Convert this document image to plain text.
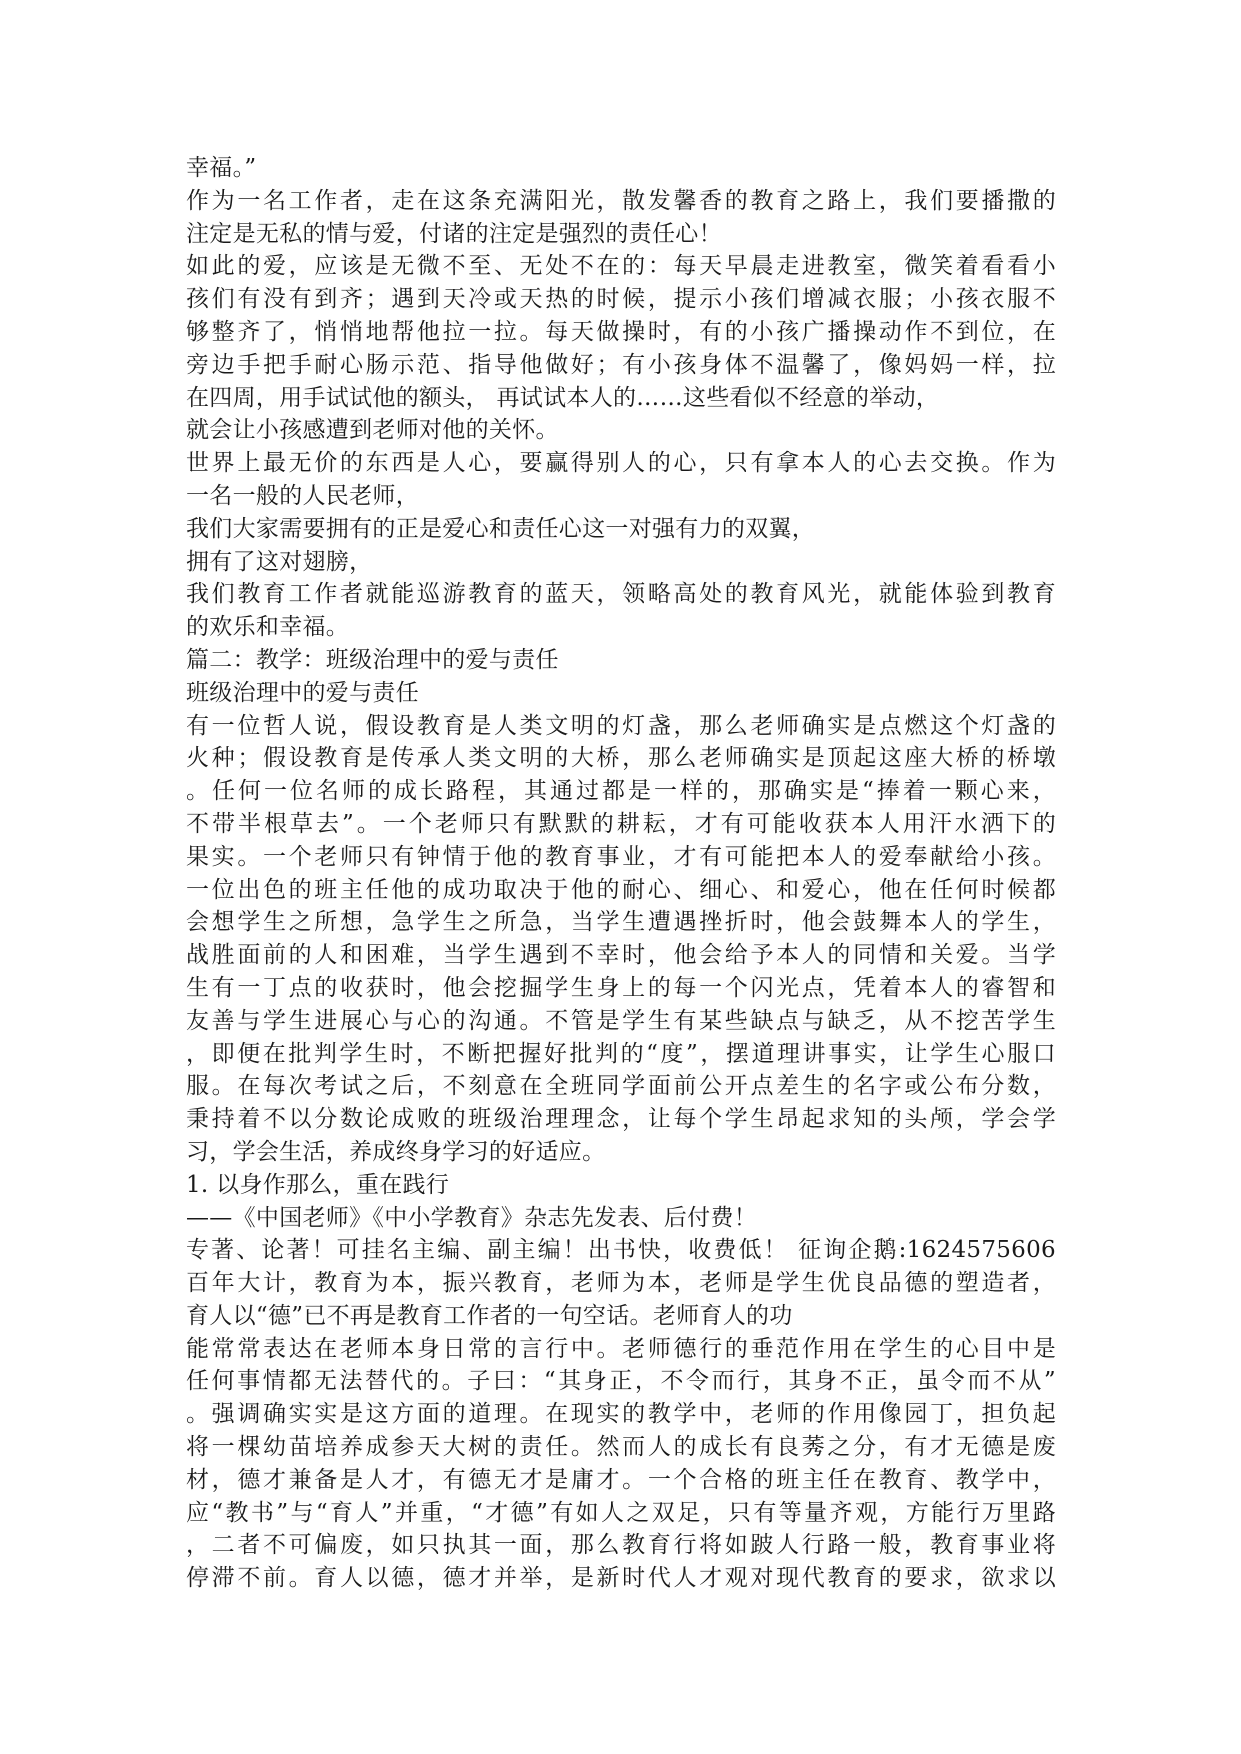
幸福。”
作为一名工作者，走在这条充满阳光，散发馨香的教育之路上，我们要播撒的
注定是无私的情与爱，付诸的注定是强烈的责任心！
如此的爱，应该是无微不至、无处不在的：每天早晨走进教室，微笑着看看小
孩们有没有到齐；遇到天冷或天热的时候，提示小孩们增减衣服；小孩衣服不
够整齐了，悄悄地帮他拉一拉。每天做操时，有的小孩广播操动作不到位，在
旁边手把手耐心肠示范、指导他做好；有小孩身体不温馨了，像妈妈一样，拉
在四周，用手试试他的额头， 再试试本人的……这些看似不经意的举动，
就会让小孩感遭到老师对他的关怀。
世界上最无价的东西是人心，要赢得别人的心，只有拿本人的心去交换。作为
一名一般的人民老师，
我们大家需要拥有的正是爱心和责任心这一对强有力的双翼，
拥有了这对翅膀，
我们教育工作者就能巡游教育的蓝天，领略高处的教育风光，就能体验到教育
的欢乐和幸福。
篇二：教学：班级治理中的爱与责任
班级治理中的爱与责任
有一位哲人说，假设教育是人类文明的灯盏，那么老师确实是点燃这个灯盏的
火种；假设教育是传承人类文明的大桥，那么老师确实是顶起这座大桥的桥墩
。任何一位名师的成长路程，其通过都是一样的，那确实是“捧着一颗心来，
不带半根草去”。一个老师只有默默的耕耘，才有可能收获本人用汗水洒下的
果实。一个老师只有钟情于他的教育事业，才有可能把本人的爱奉献给小孩。
一位出色的班主任他的成功取决于他的耐心、细心、和爱心，他在任何时候都
会想学生之所想，急学生之所急，当学生遭遇挫折时，他会鼓舞本人的学生，
战胜面前的人和困难，当学生遇到不幸时，他会给予本人的同情和关爱。当学
生有一丁点的收获时，他会挖掘学生身上的每一个闪光点，凭着本人的睿智和
友善与学生进展心与心的沟通。不管是学生有某些缺点与缺乏，从不挖苦学生
，即便在批判学生时，不断把握好批判的“度”，摆道理讲事实，让学生心服口
服。在每次考试之后，不刻意在全班同学面前公开点差生的名字或公布分数，
秉持着不以分数论成败的班级治理理念，让每个学生昂起求知的头颅，学会学
习，学会生活，养成终身学习的好适应。
1. 以身作那么，重在践行
——《中国老师》《中小学教育》杂志先发表、后付费！
专著、论著！可挂名主编、副主编！出书快，收费低！ 征询企鹅:1624575606
百年大计，教育为本，振兴教育，老师为本，老师是学生优良品德的塑造者，
育人以“德”已不再是教育工作者的一句空话。老师育人的功
能常常表达在老师本身日常的言行中。老师德行的垂范作用在学生的心目中是
任何事情都无法替代的。子曰：“其身正，不令而行，其身不正，虽令而不从”
。强调确实实是这方面的道理。在现实的教学中，老师的作用像园丁，担负起
将一棵幼苗培养成参天大树的责任。然而人的成长有良莠之分，有才无德是废
材，德才兼备是人才，有德无才是庸才。一个合格的班主任在教育、教学中，
应“教书”与“育人”并重，“才德”有如人之双足，只有等量齐观，方能行万里路
，二者不可偏废，如只执其一面，那么教育行将如跛人行路一般，教育事业将
停滞不前。育人以德，德才并举，是新时代人才观对现代教育的要求，欲求以
